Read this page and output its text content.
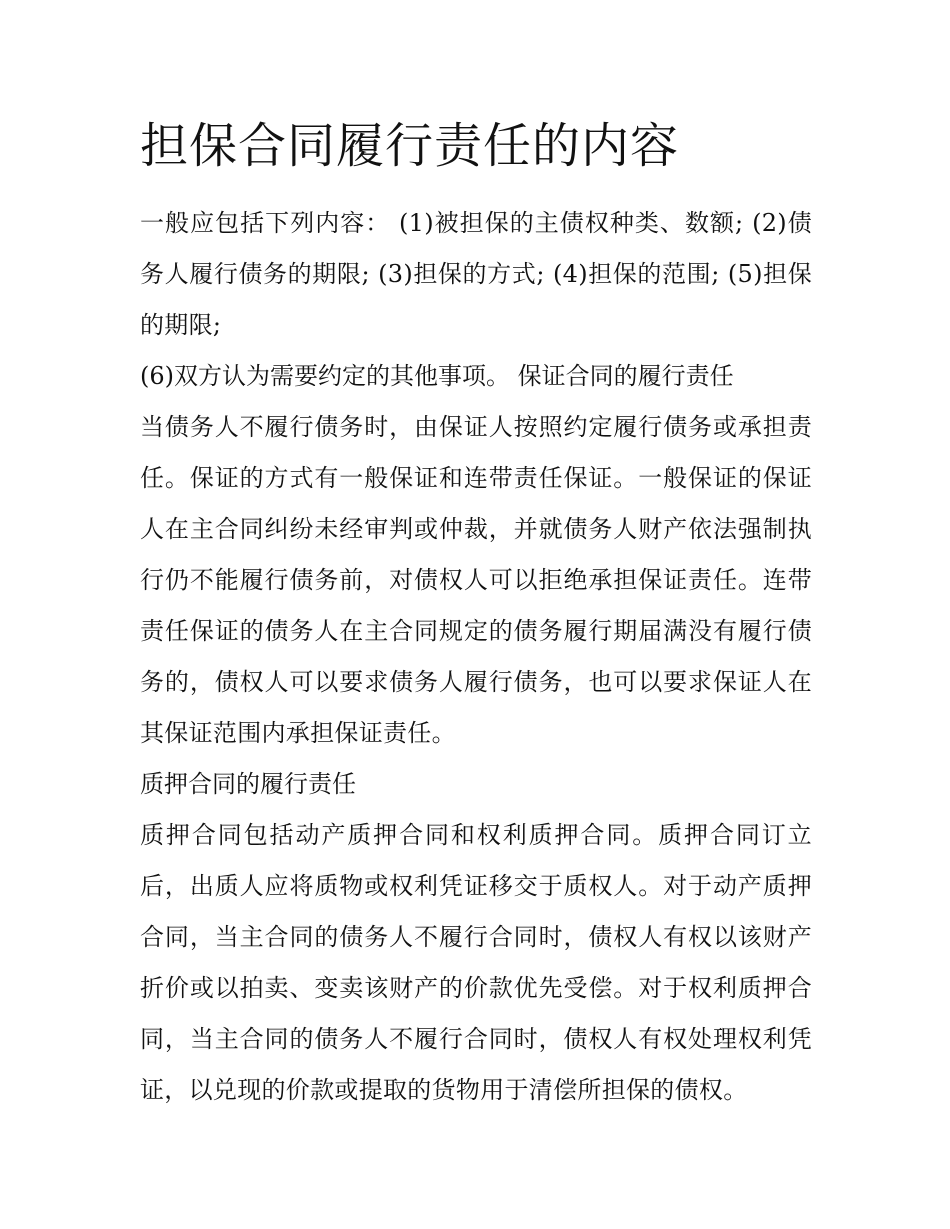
担保合同履行责任的内容

一般应包括下列内容： (1)被担保的主债权种类、数额; (2)债务人履行债务的期限; (3)担保的方式; (4)担保的范围; (5)担保的期限;

(6)双方认为需要约定的其他事项。 保证合同的履行责任

当债务人不履行债务时，由保证人按照约定履行债务或承担责任。保证的方式有一般保证和连带责任保证。一般保证的保证人在主合同纠纷未经审判或仲裁，并就债务人财产依法强制执行仍不能履行债务前，对债权人可以拒绝承担保证责任。连带责任保证的债务人在主合同规定的债务履行期届满没有履行债务的，债权人可以要求债务人履行债务，也可以要求保证人在其保证范围内承担保证责任。

质押合同的履行责任

质押合同包括动产质押合同和权利质押合同。质押合同订立后，出质人应将质物或权利凭证移交于质权人。对于动产质押合同，当主合同的债务人不履行合同时，债权人有权以该财产折价或以拍卖、变卖该财产的价款优先受偿。对于权利质押合同，当主合同的债务人不履行合同时，债权人有权处理权利凭证，以兑现的价款或提取的货物用于清偿所担保的债权。
